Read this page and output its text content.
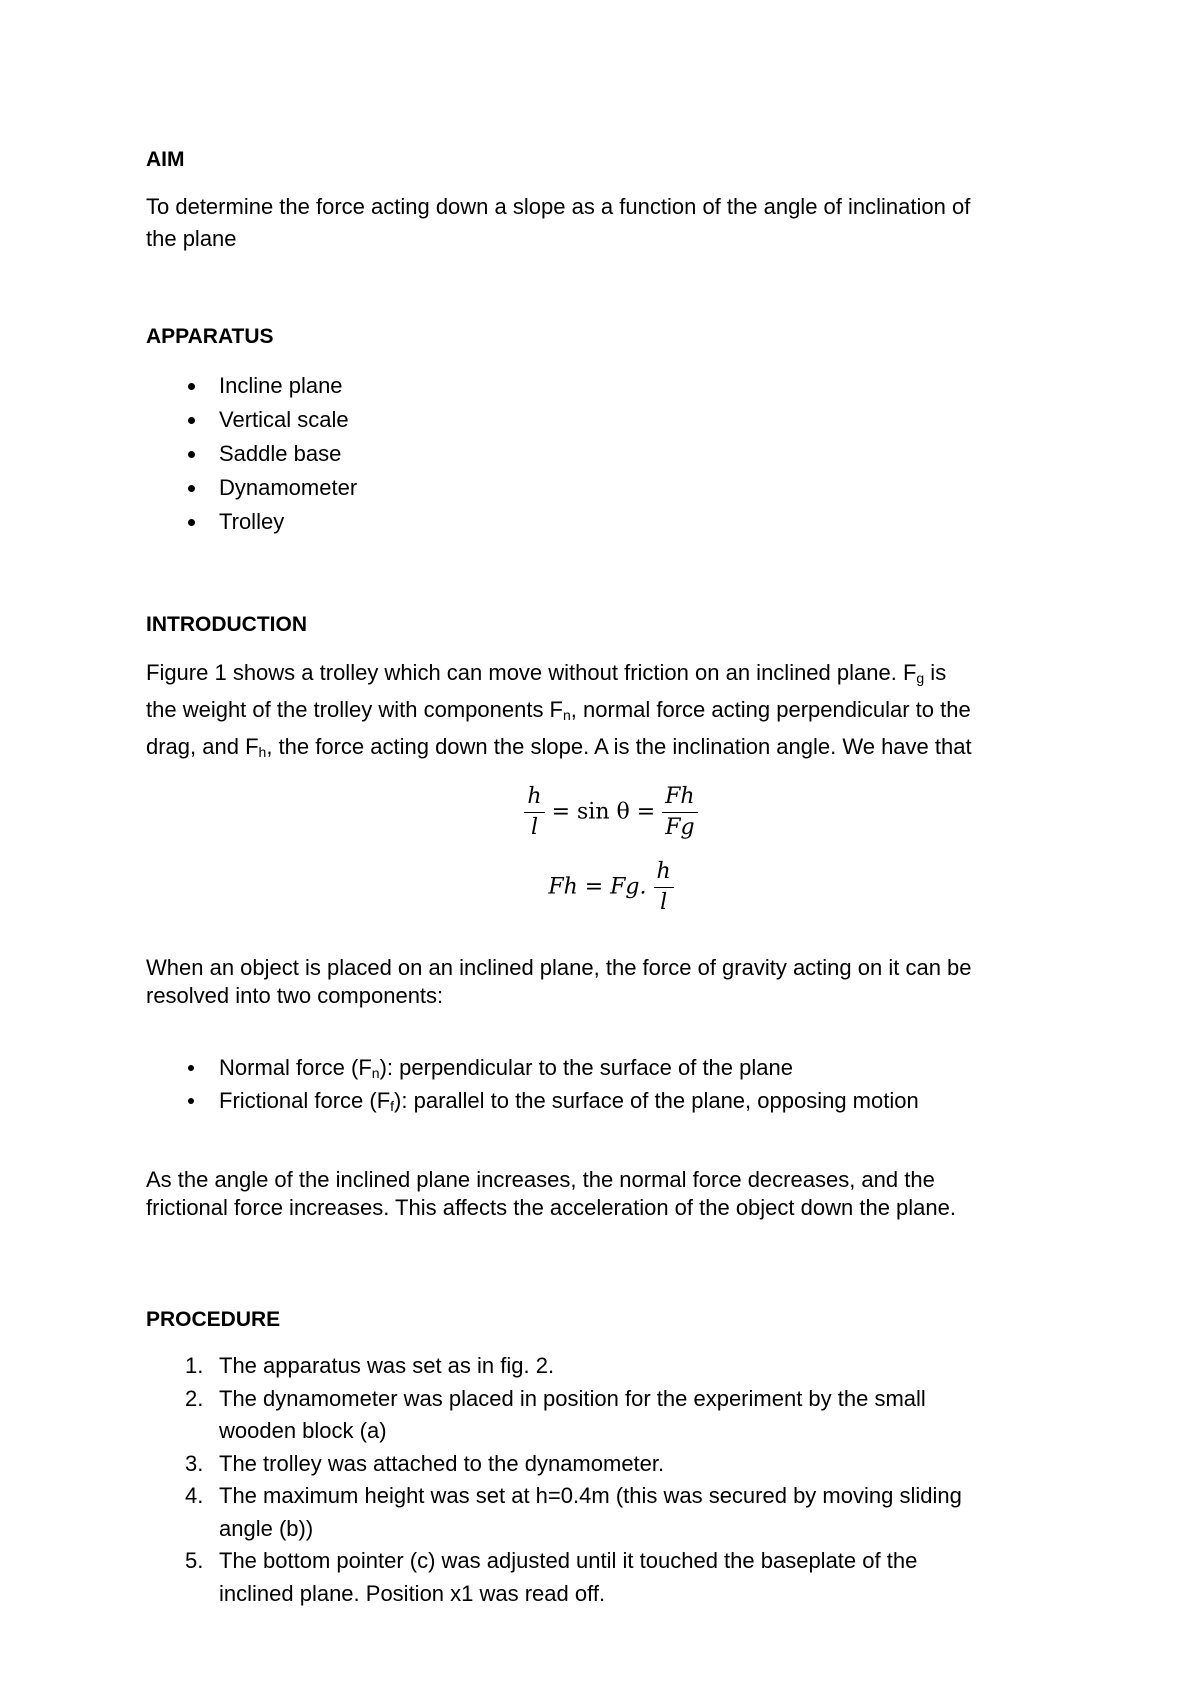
AIM

To determine the force acting down a slope as a function of the angle of inclination of
the plane

APPARATUS

Incline plane
Vertical scale
Saddle base
Dynamometer
Trolley

INTRODUCTION

Figure 1 shows a trolley which can move without friction on an inclined plane. $F_g$ is
the weight of the trolley with components $F_n$, normal force acting perpendicular to the
drag, and $F_h$, the force acting down the slope. A is the inclination angle. We have that

$\frac{h}{l} = \sin \theta = \frac{Fh}{Fg}$
Fh = Fg. $\frac{h}{l}$

When an object is placed on an inclined plane, the force of gravity acting on it can be
resolved into two components:

Normal force $(F_n)$: perpendicular to the surface of the plane
Frictional force $(F_f)$: parallel to the surface of the plane, opposing motion

As the angle of the inclined plane increases, the normal force decreases, and the
frictional force increases. This affects the acceleration of the object down the plane.

PROCEDURE

1. The apparatus was set as in fig. 2.
2. The dynamometer was placed in position for the experiment by the small
wooden block (a)
3. The trolley was attached to the dynamometer.
4. The maximum height was set at h=0.4m (this was secured by moving sliding
angle (b))
5. The bottom pointer (c) was adjusted until it touched the baseplate of the
inclined plane. Position x1 was read off.
